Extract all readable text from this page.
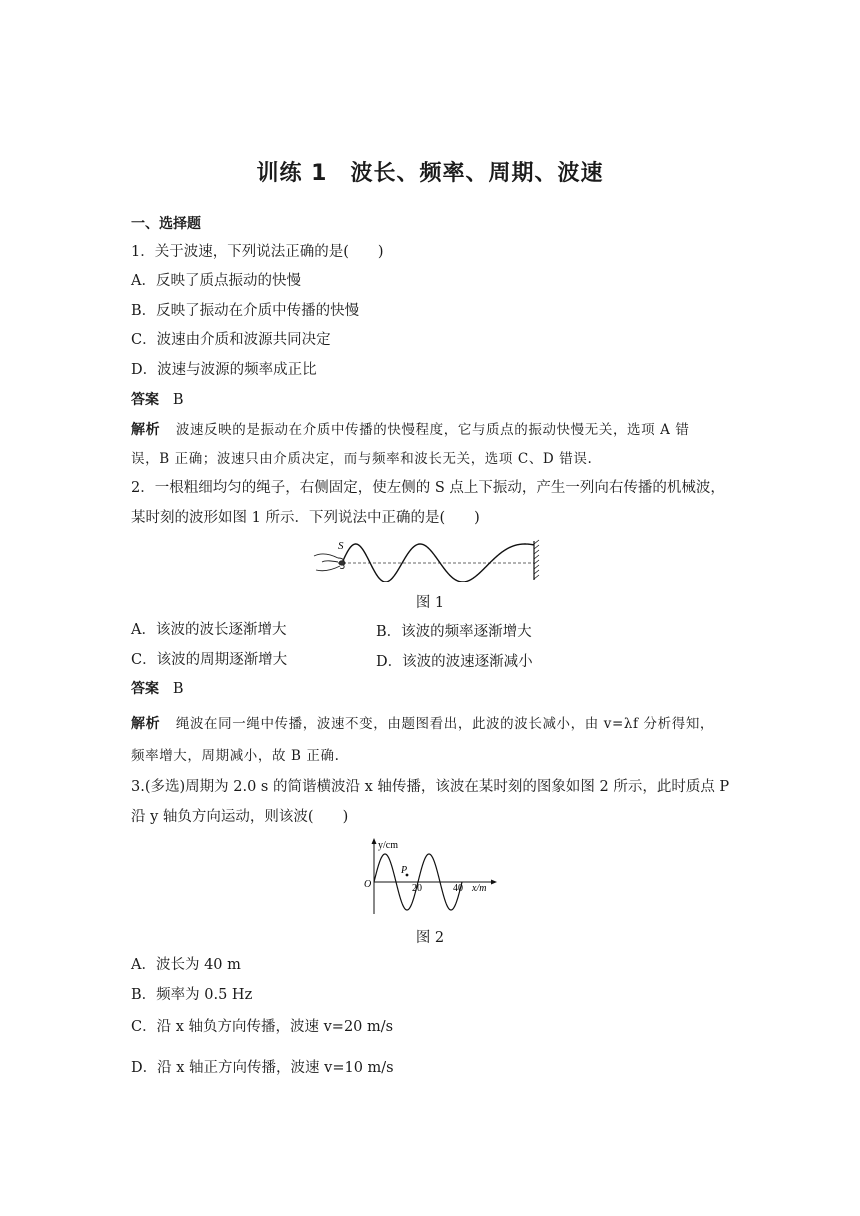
训练 1　波长、频率、周期、波速
一、选择题
1．关于波速，下列说法正确的是(　　)
A．反映了质点振动的快慢
B．反映了振动在介质中传播的快慢
C．波速由介质和波源共同决定
D．波速与波源的频率成正比
答案 B
解析 波速反映的是振动在介质中传播的快慢程度，它与质点的振动快慢无关，选项 A 错
误，B 正确；波速只由介质决定，而与频率和波长无关，选项 C、D 错误.
2．一根粗细均匀的绳子，右侧固定，使左侧的 S 点上下振动，产生一列向右传播的机械波，
某时刻的波形如图 1 所示．下列说法中正确的是(　　)
S
图 1
A．该波的波长逐渐增大	B．该波的频率逐渐增大
C．该波的周期逐渐增大	D．该波的波速逐渐减小
答案 B
解析 绳波在同一绳中传播，波速不变，由题图看出，此波的波长减小，由 v=λf 分析得知，
频率增大，周期减小，故 B 正确.
3.(多选)周期为 2.0 s 的简谐横波沿 x 轴传播，该波在某时刻的图象如图 2 所示，此时质点 P
沿 y 轴负方向运动，则该波(　　)
y/cm
O
P
20	40 x/m
图 2
A．波长为 40 m
B．频率为 0.5 Hz
C．沿 x 轴负方向传播，波速 v=20 m/s
D．沿 x 轴正方向传播，波速 v=10 m/s
